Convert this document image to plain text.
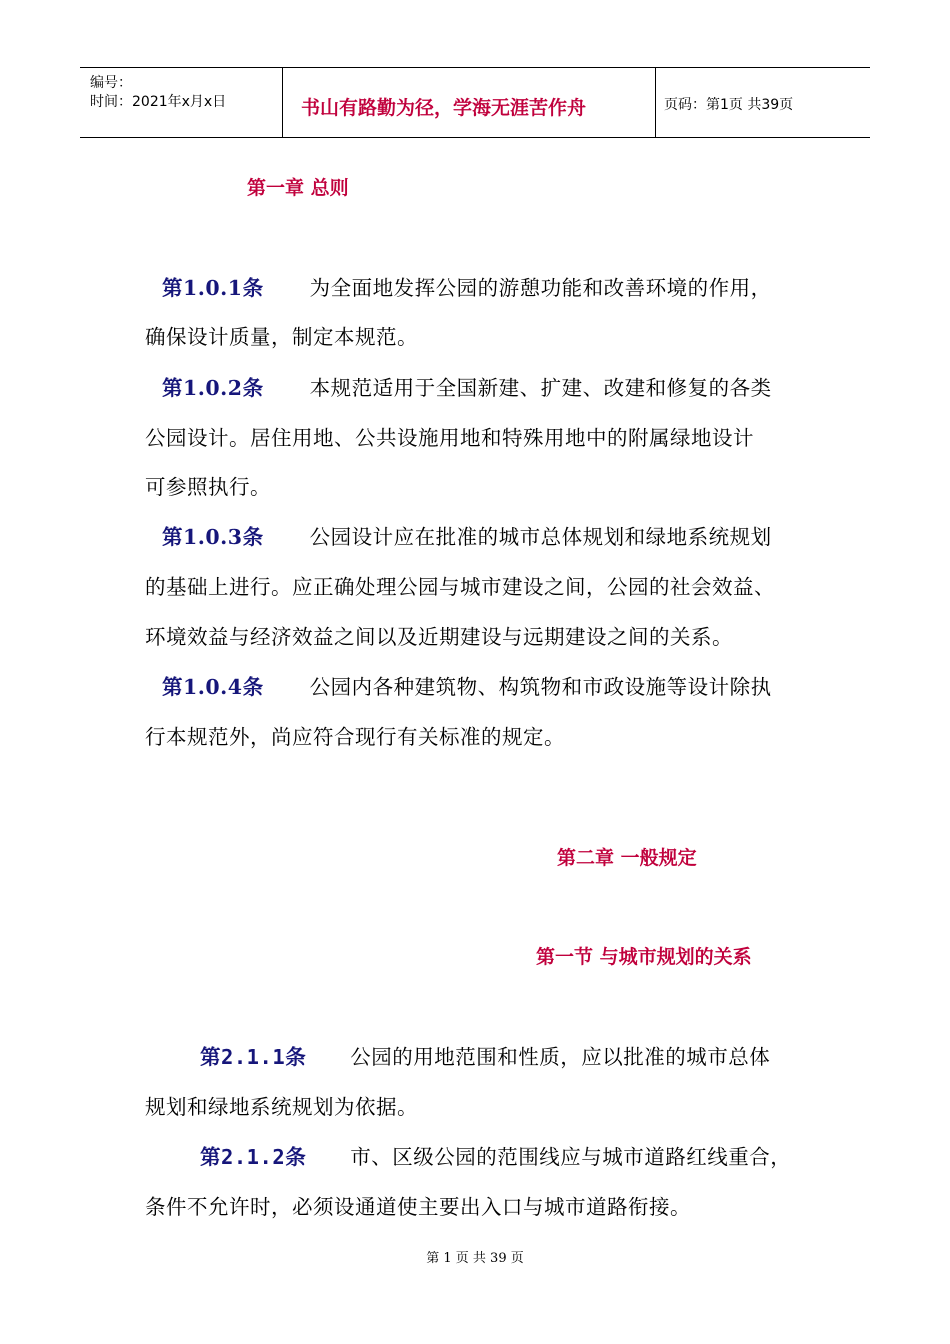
编号：
时间：2021年x月x日	书山有路勤为径，学海无涯苦作舟	页码：第1页 共39页
第一章 总则
第1.0.1条 为全面地发挥公园的游憩功能和改善环境的作用，
确保设计质量，制定本规范。
第1.0.2条 本规范适用于全国新建、扩建、改建和修复的各类
公园设计。居住用地、公共设施用地和特殊用地中的附属绿地设计
可参照执行。
第1.0.3条 公园设计应在批准的城市总体规划和绿地系统规划
的基础上进行。应正确处理公园与城市建设之间，公园的社会效益、
环境效益与经济效益之间以及近期建设与远期建设之间的关系。
第1.0.4条 公园内各种建筑物、构筑物和市政设施等设计除执
行本规范外，尚应符合现行有关标准的规定。
第二章 一般规定
第一节 与城市规划的关系
第2.1.1条 公园的用地范围和性质，应以批准的城市总体
规划和绿地系统规划为依据。
第2.1.2条 市、区级公园的范围线应与城市道路红线重合，
条件不允许时，必须设通道使主要出入口与城市道路衔接。
第 1 页 共 39 页
